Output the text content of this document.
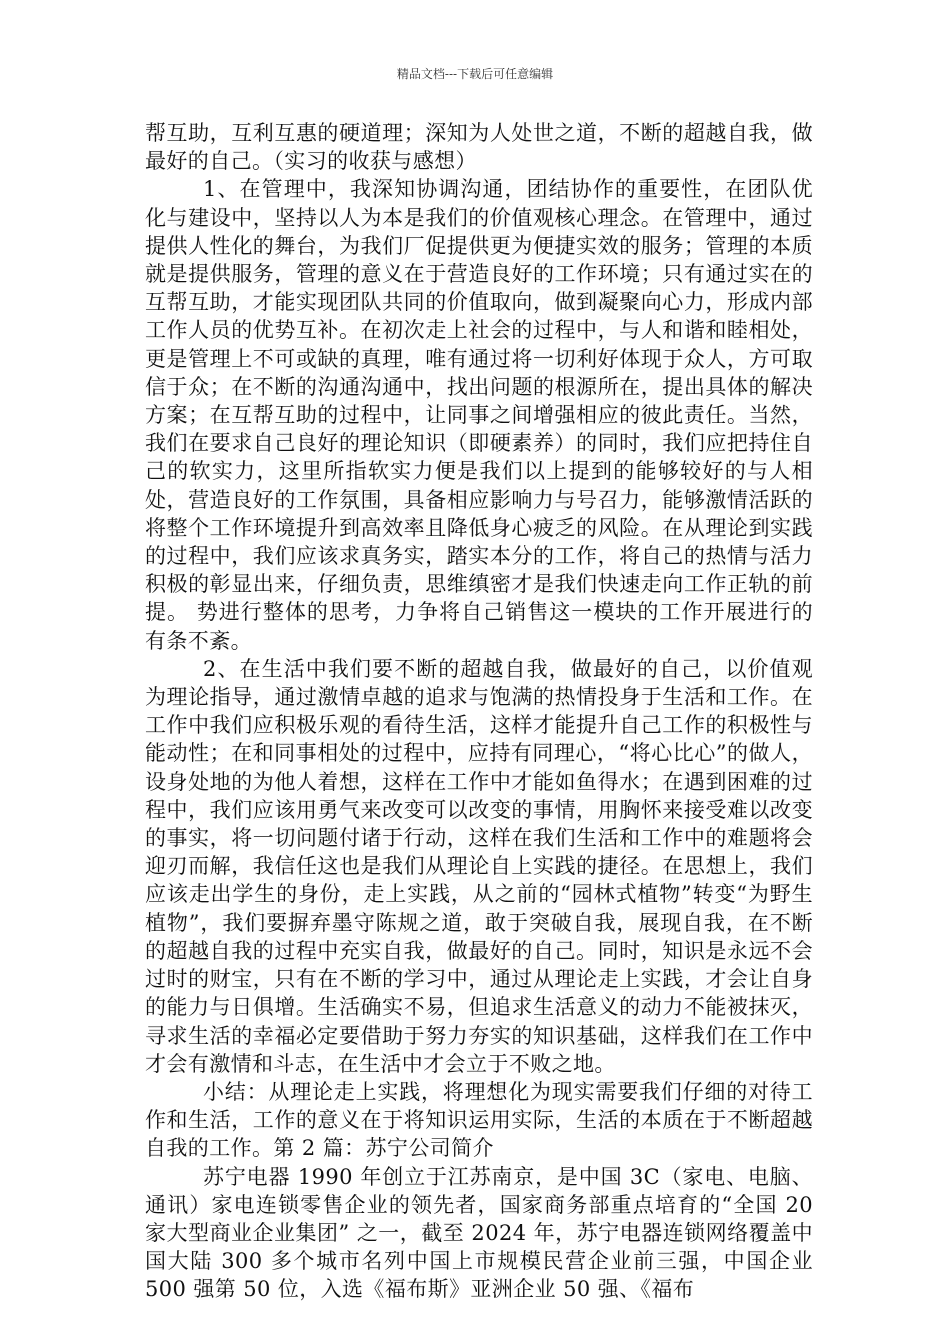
精品文档---下载后可任意编辑

帮互助，互利互惠的硬道理；深知为人处世之道，不断的超越自我，做最好的自己。（实习的收获与感想）

1、在管理中，我深知协调沟通，团结协作的重要性，在团队优化与建设中，坚持以人为本是我们的价值观核心理念。在管理中，通过提供人性化的舞台，为我们厂促提供更为便捷实效的服务；管理的本质就是提供服务，管理的意义在于营造良好的工作环境；只有通过实在的互帮互助，才能实现团队共同的价值取向，做到凝聚向心力，形成内部工作人员的优势互补。在初次走上社会的过程中，与人和谐和睦相处，更是管理上不可或缺的真理，唯有通过将一切利好体现于众人，方可取信于众；在不断的沟通沟通中，找出问题的根源所在，提出具体的解决方案；在互帮互助的过程中，让同事之间增强相应的彼此责任。当然，我们在要求自己良好的理论知识（即硬素养）的同时，我们应把持住自己的软实力，这里所指软实力便是我们以上提到的能够较好的与人相处，营造良好的工作氛围，具备相应影响力与号召力，能够激情活跃的将整个工作环境提升到高效率且降低身心疲乏的风险。在从理论到实践的过程中，我们应该求真务实，踏实本分的工作，将自己的热情与活力积极的彰显出来，仔细负责，思维缜密才是我们快速走向工作正轨的前提。 势进行整体的思考，力争将自己销售这一模块的工作开展进行的有条不紊。

2、在生活中我们要不断的超越自我，做最好的自己，以价值观为理论指导，通过激情卓越的追求与饱满的热情投身于生活和工作。在工作中我们应积极乐观的看待生活，这样才能提升自己工作的积极性与能动性；在和同事相处的过程中，应持有同理心，“将心比心”的做人，设身处地的为他人着想，这样在工作中才能如鱼得水；在遇到困难的过程中，我们应该用勇气来改变可以改变的事情，用胸怀来接受难以改变的事实，将一切问题付诸于行动，这样在我们生活和工作中的难题将会迎刃而解，我信任这也是我们从理论自上实践的捷径。在思想上，我们应该走出学生的身份，走上实践，从之前的“园林式植物”转变“为野生植物”，我们要摒弃墨守陈规之道，敢于突破自我，展现自我，在不断的超越自我的过程中充实自我，做最好的自己。同时，知识是永远不会过时的财宝，只有在不断的学习中，通过从理论走上实践，才会让自身的能力与日俱增。生活确实不易，但追求生活意义的动力不能被抹灭，寻求生活的幸福必定要借助于努力夯实的知识基础，这样我们在工作中才会有激情和斗志，在生活中才会立于不败之地。

小结：从理论走上实践，将理想化为现实需要我们仔细的对待工作和生活，工作的意义在于将知识运用实际，生活的本质在于不断超越自我的工作。第 2 篇：苏宁公司简介

苏宁电器 1990 年创立于江苏南京，是中国 3C（家电、电脑、通讯）家电连锁零售企业的领先者，国家商务部重点培育的“全国 20 家大型商业企业集团” 之一，截至 2024 年，苏宁电器连锁网络覆盖中国大陆 300 多个城市名列中国上市规模民营企业前三强，中国企业 500 强第 50 位，入选《福布斯》亚洲企业 50 强、《福布
